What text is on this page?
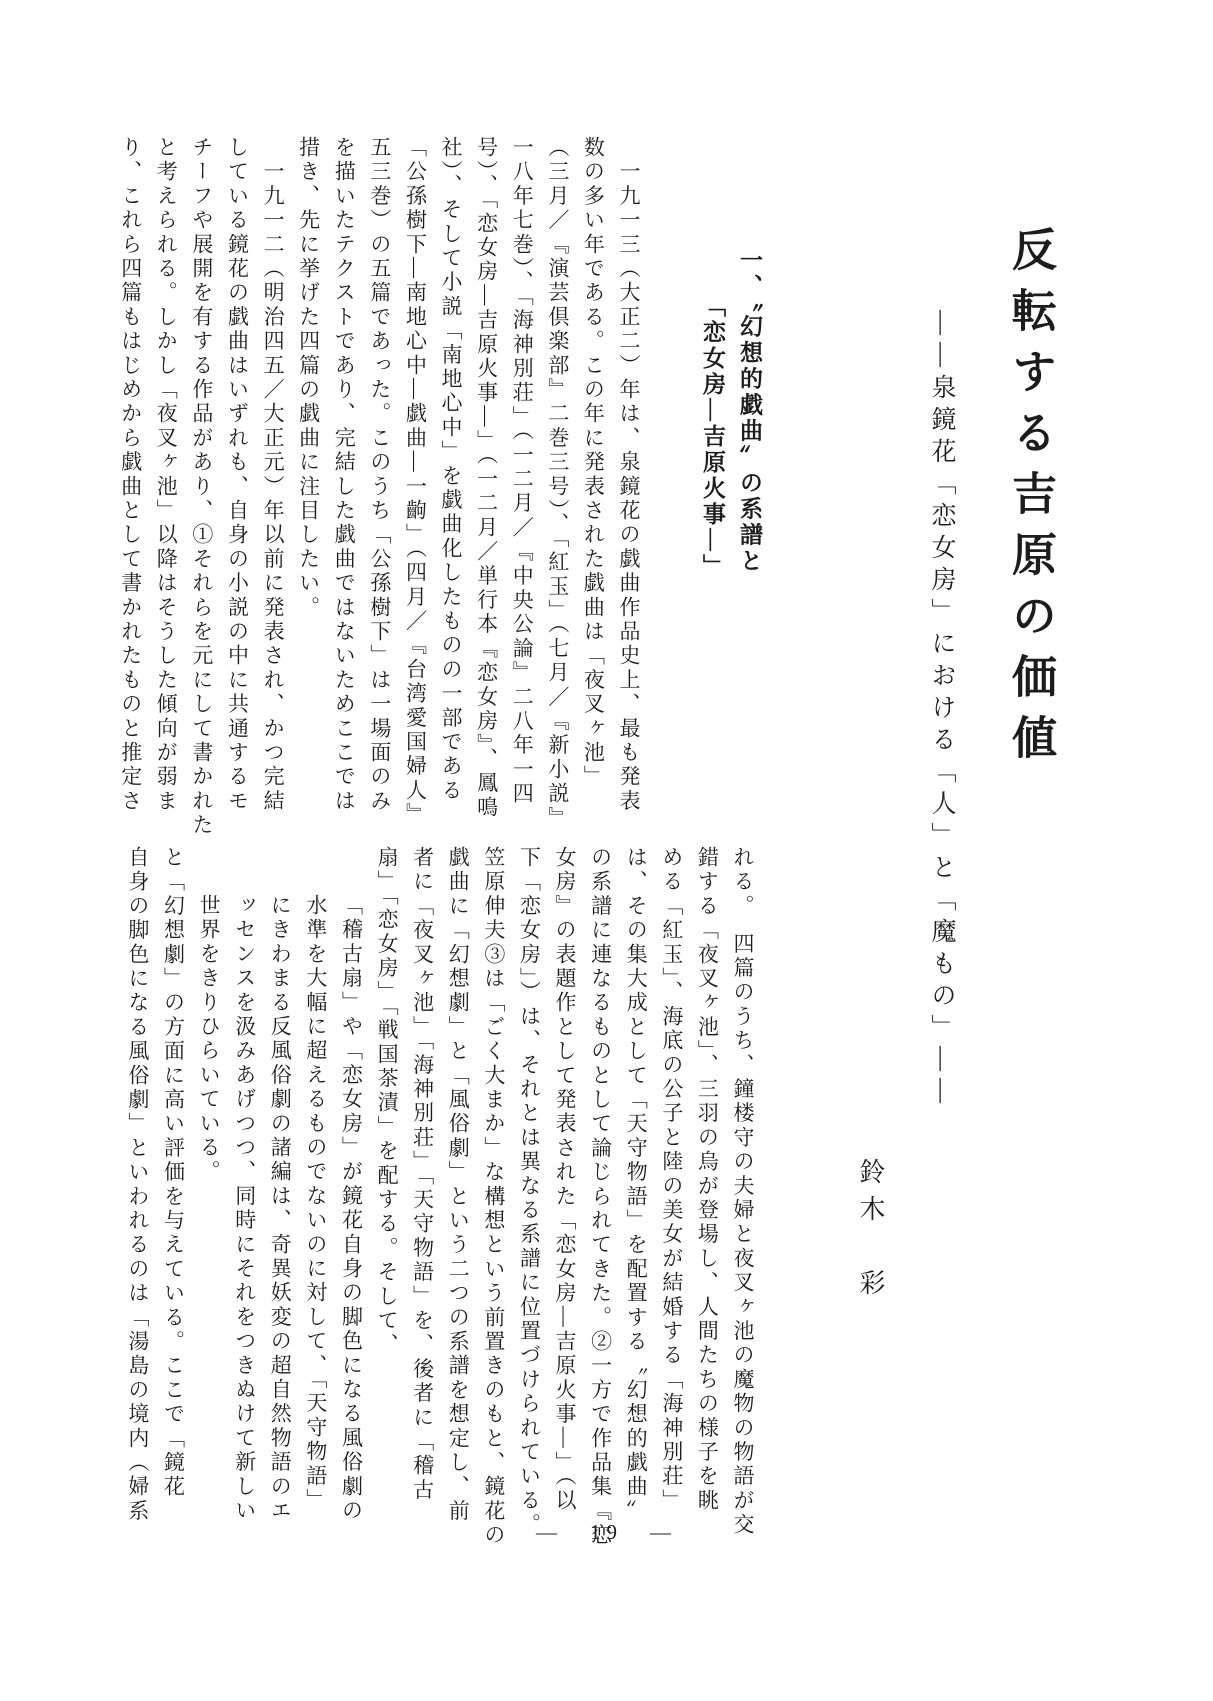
反転する吉原の価値
――泉鏡花「恋女房」における「人」と「魔もの」――
鈴木　彩
一、〝幻想的戯曲〟の系譜と
「恋女房―吉原火事―」
　一九一三（大正二）年は、泉鏡花の戯曲作品史上、最も発表
数の多い年である。この年に発表された戯曲は「夜叉ヶ池」
（三月／『演芸倶楽部』二巻三号）、「紅玉」（七月／『新小説』
一八年七巻）、「海神別荘」（一二月／『中央公論』二八年一四
号）、「恋女房―吉原火事―」（一二月／単行本『恋女房』、鳳鳴
社）、そして小説「南地心中」を戯曲化したものの一部である
「公孫樹下―南地心中―戯曲―一齣」（四月／『台湾愛国婦人』
五三巻）の五篇であった。このうち「公孫樹下」は一場面のみ
を描いたテクストであり、完結した戯曲ではないためここでは
措き、先に挙げた四篇の戯曲に注目したい。
　一九一二（明治四五／大正元）年以前に発表され、かつ完結
している鏡花の戯曲はいずれも、自身の小説の中に共通するモ
チーフや展開を有する作品があり、①それらを元にして書かれた
と考えられる。しかし「夜叉ヶ池」以降はそうした傾向が弱ま
り、これら四篇もはじめから戯曲として書かれたものと推定さ
れる。　四篇のうち、鐘楼守の夫婦と夜叉ヶ池の魔物の物語が交
錯する「夜叉ヶ池」、三羽の烏が登場し、人間たちの様子を眺
める「紅玉」、海底の公子と陸の美女が結婚する「海神別荘」
は、その集大成として「天守物語」を配置する〝幻想的戯曲〟
の系譜に連なるものとして論じられてきた。②一方で作品集『恋
女房』の表題作として発表された「恋女房―吉原火事―」（以
下「恋女房」）は、それとは異なる系譜に位置づけられている。
笠原伸夫③は「ごく大まか」な構想という前置きのもと、鏡花の
戯曲に「幻想劇」と「風俗劇」という二つの系譜を想定し、前
者に「夜叉ヶ池」「海神別荘」「天守物語」を、後者に「稽古
扇」「恋女房」「戦国茶漬」を配する。そして、
「稽古扇」や「恋女房」が鏡花自身の脚色になる風俗劇の
水準を大幅に超えるものでないのに対して、「天守物語」
にきわまる反風俗劇の諸編は、奇異妖変の超自然物語のエ
ッセンスを汲みあげつつ、同時にそれをつきぬけて新しい
世界をきりひらいている。
と「幻想劇」の方面に高い評価を与えている。ここで「鏡花
自身の脚色になる風俗劇」といわれるのは「湯島の境内（婦系
―　19　―
